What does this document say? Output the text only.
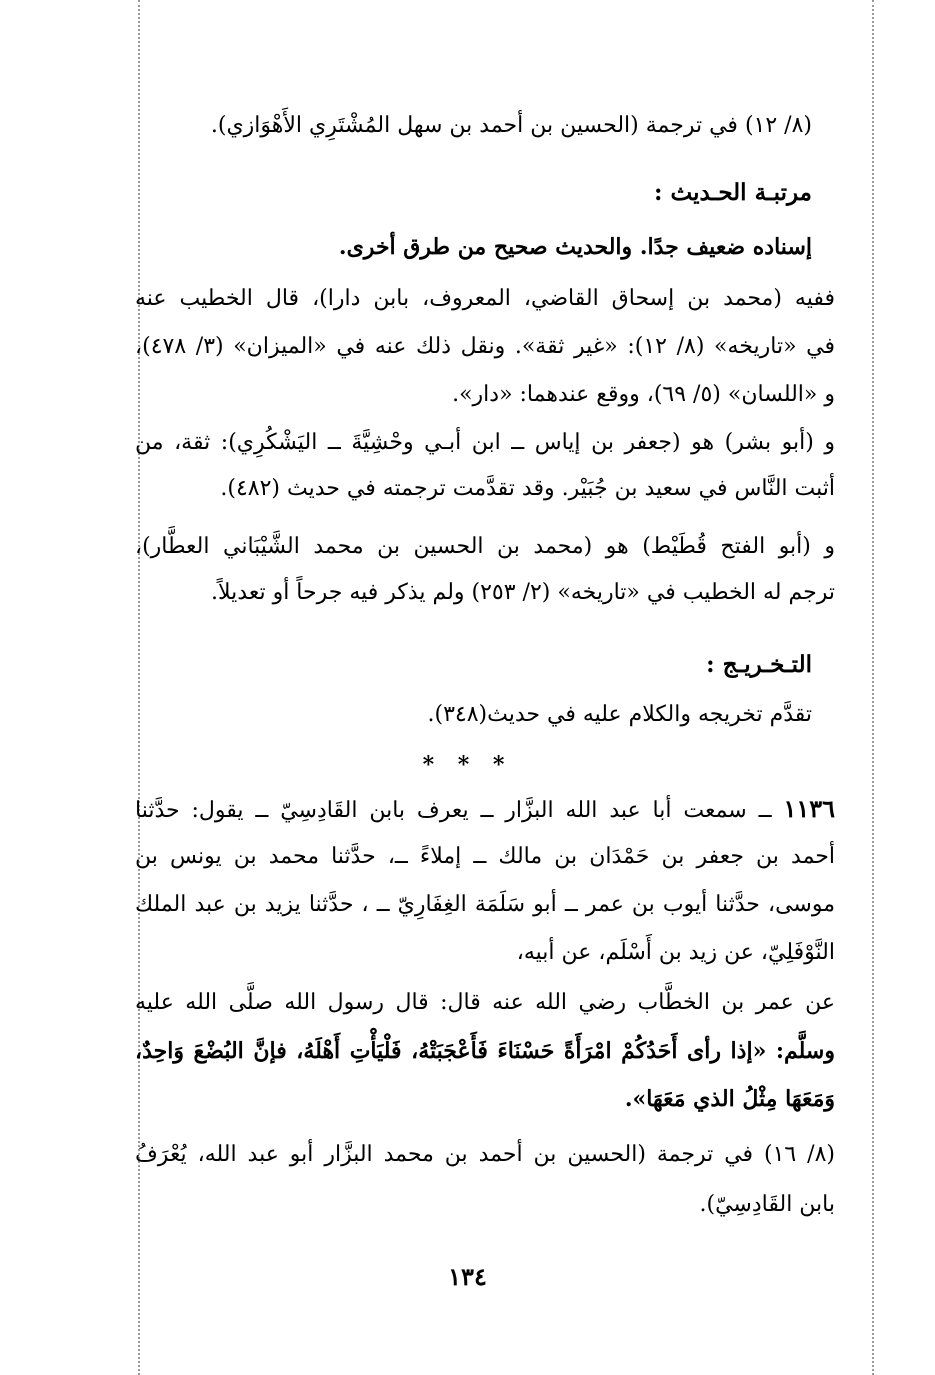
(٨/ ١٢) في ترجمة (الحسين بن أحمد بن سهل المُشْتَرِي الأَهْوَازي).
مرتبـة الحـديث :
إسناده ضعيف جدًا. والحديث صحيح من طرق أخرى.
ففيه (محمد بن إسحاق القاضي، المعروف، بابن دارا)، قال الخطيب عنه
في «تاريخه» (٨/ ١٢): «غير ثقة». ونقل ذلك عنه في «الميزان» (٣/ ٤٧٨)،
و «اللسان» (٥/ ٦٩)، ووقع عندهما: «دار».
و (أبو بشر) هو (جعفر بن إياس ــ ابن أبـي وحْشِيَّةَ ــ اليَشْكُرِي): ثقة، من
أثبت النَّاس في سعيد بن جُبَيْر. وقد تقدَّمت ترجمته في حديث (٤٨٢).
و (أبو الفتح قُطَيْط) هو (محمد بن الحسين بن محمد الشَّيْبَاني العطَّار)،
ترجم له الخطيب في «تاريخه» (٢/ ٢٥٣) ولم يذكر فيه جرحاً أو تعديلاً.
التـخـريـج :
تقدَّم تخريجه والكلام عليه في حديث(٣٤٨).
* * *
١١٣٦ ــ سمعت أبا عبد الله البزَّار ــ يعرف بابن القَادِسِيّ ــ يقول: حدَّثنا
أحمد بن جعفر بن حَمْدَان بن مالك ــ إملاءً ــ، حدَّثنا محمد بن يونس بن
موسى، حدَّثنا أيوب بن عمر ــ أبو سَلَمَة الغِفَارِيّ ــ ، حدَّثنا يزيد بن عبد الملك
النَّوْفَلِيّ، عن زيد بن أَسْلَم، عن أبيه،
عن عمر بن الخطَّاب رضي الله عنه قال: قال رسول الله صلَّى الله عليه
وسلَّم: «إذا رأى أَحَدُكُمْ امْرَأَةً حَسْنَاءَ فَأَعْجَبَتْهُ، فَلْيَأْتِ أَهْلَهُ، فإنَّ البُضْعَ وَاحِدٌ،
وَمَعَهَا مِثْلُ الذي مَعَهَا».
(٨/ ١٦) في ترجمة (الحسين بن أحمد بن محمد البزَّار أبو عبد الله، يُعْرَفُ
بابن القَادِسِيّ).
١٣٤
